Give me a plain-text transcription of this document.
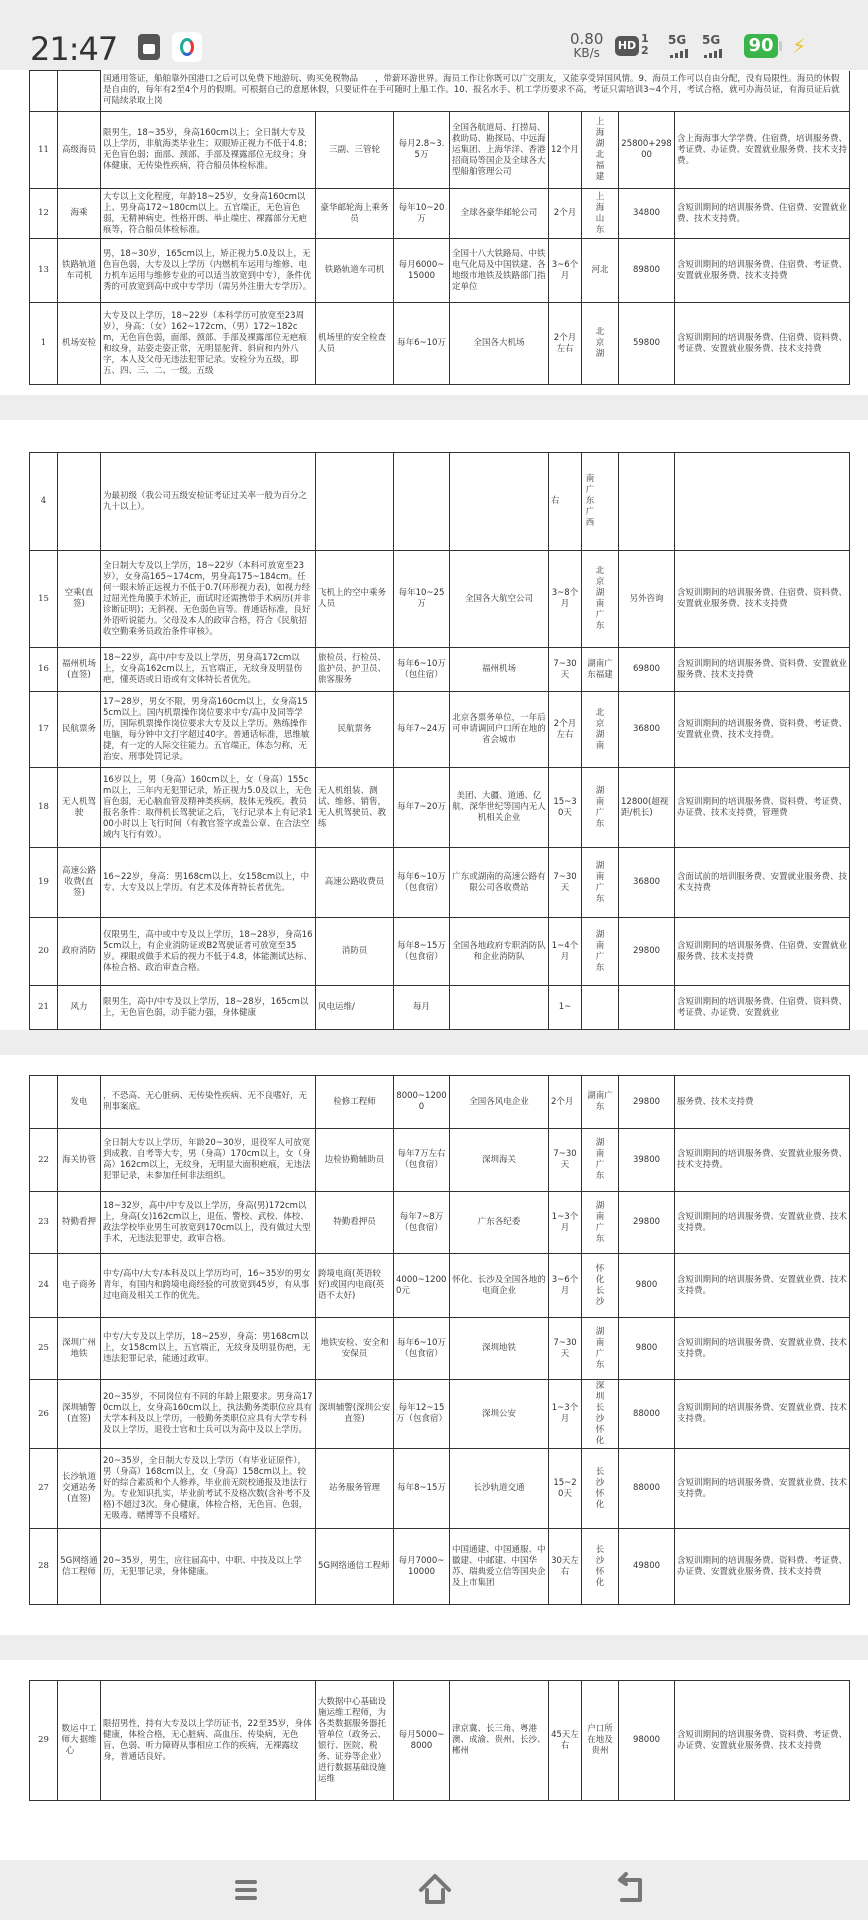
21:47	0.80
KB/s
HD
1
2
5G 5G 90 ⚡
		国通用签证，船舶靠外国港口之后可以免费下地游玩、购买免税物品　　，带薪环游世界。海员工作让你既可以广交朋友，又能享受异国风情。9、海员工作可以自由分配，没有局限性。海员的休假是自由的，每年有2至4个月的假期。可根据自己的意愿休假，只要证件在手可随时上船工作。10、报名水手、机工学历要求不高，考证只需培训3~4个月，考试合格，就可办海员证，有海员证后就可陆续录取上岗							
11	高级海员	限男生，18~35岁，身高160cm以上；全日制大专及以上学历，非航海类毕业生；双眼矫正视力不低于4.8；无色盲色弱；面部、颈部、手部及裸露部位无纹身；身体健康，无传染性疾病，符合船员体检标准。	三副、三管轮	每月2.8~3.5万	全国各航道局、打捞局、救助局、勘探局、中远海运集团、上海华洋、香港招商局等国企及全球各大型船舶管理公司	12个月	上海湖北福建	25800+29800	含上海海事大学学费、住宿费，培训服务费、考证费、办证费、安置就业服务费、技术支持费。
12	海乘	大专以上文化程度，年龄18~25岁，女身高160cm以上、男身高172~180cm以上。五官端正，无色盲色弱，无精神病史。性格开朗、举止端庄、裸露部分无疤痕等，符合船员体检标准。	豪华邮轮海上乘务员	每年10~20万	全球各豪华邮轮公司	2个月	上海山东	34800	含短训期间的培训服务费、住宿费、安置就业费、技术支持费。
13	铁路轨道车司机	男，18~30岁，165cm以上，矫正视力5.0及以上，无色盲色弱，大专及以上学历（内燃机车运用与维修、电力机车运用与维修专业的可以适当放宽到中专），条件优秀的可放宽到高中或中专学历（需另外注册大专学历）。	铁路轨道车司机	每月6000~15000	全国十八大铁路局、中铁电气化局及中国铁建、各地级市地铁及铁路部门指定单位	3~6个月	河北	89800	含短训期间的培训服务费、住宿费、考证费、安置就业服务费、技术支持费
1	机场安检	大专及以上学历，18~22岁（本科学历可放宽至23周岁），身高：（女）162~172cm、（男）172~182cm，无色盲色弱，面部、颈部、手部及裸露部位无疤痕和纹身，站姿走姿正常，无明显驼背、斜肩和内外八字，本人及父母无违法犯罪记录。安检分为五级，即五、四、三、二、一级。五级	机场里的安全检查人员	每年6~10万	全国各大机场	2个月左右	北京湖	59800	含短训期间的培训服务费、住宿费、资料费、考证费、安置就业服务费、技术支持费
4		为最初级（我公司五级安检证考证过关率一般为百分之九十以上）。				右	南广东广西		
15	空乘(直签)	全日制大专及以上学历，18~22岁（本科可放宽至23岁），女身高165~174cm，男身高175~184cm。任何一眼未矫正远视力不低于0.7(环形视力表)，如视力经过屈光性角膜手术矫正，面试时还需携带手术病历(并非诊断证明)；无斜视、无色弱色盲等。普通话标准，良好外语听说能力。父母及本人的政审合格，符合《民航招收空勤乘务员政治条件审核》。	飞机上的空中乘务人员	每年10~25万	全国各大航空公司	3~8个月	北京湖南广东	另外咨询	含短训期间的培训服务费、住宿费、资料费、安置就业服务费、技术支持费
16	福州机场(直签)	18~22岁，高中/中专及以上学历，男身高172cm以上，女身高162cm以上，五官端正，无纹身及明显伤疤，懂英语或日语或有文体特长者优先。	旅检员、行检员、监护员、护卫员、旅客服务	每年6~10万（包住宿）	福州机场	7~30天	湖南广东福建	69800	含短训期间的培训服务费、资料费、安置就业服务费、技术支持费
17	民航票务	17~28岁，男女不限，男身高160cm以上，女身高155cm以上。国内机票操作岗位要求中专/高中及同等学历，国际机票操作岗位要求大专及以上学历。熟练操作电脑，每分钟中文打字超过40字。普通话标准，思维敏捷，有一定的人际交往能力。五官端正，体态匀称，无治安、刑事处罚记录。	民航票务	每年7~24万	北京各票务单位，一年后可申请调回户口所在地的省会城市	2个月左右	北京湖南	36800	含短训期间的培训服务费、资料费、考证费、安置就业费、技术支持费。
18	无人机驾驶	16岁以上，男（身高）160cm以上，女（身高）155cm以上，三年内无犯罪记录，矫正视力5.0及以上，无色盲色弱，无心脑血管及精神类疾病，肢体无残疾。教员报名条件：取得机长驾驶证之后，飞行记录本上有记录100小时以上飞行时间（有教官签字或盖公章、在合法空域内飞行有效）。	无人机组装、测试、维修、销售，无人机驾驶员、教练	每年7~20万	美团、大疆、道通、亿航、深华世纪等国内无人机相关企业	15~30天	湖南广东	12800(超视距/机长)	含短训期间的培训服务费、资料费、考证费、办证费、技术支持费，管理费
19	高速公路收费(直签)	16~22岁，身高：男168cm以上、女158cm以上，中专、大专及以上学历。有艺术及体育特长者优先。	高速公路收费员	每年6~10万（包食宿）	广东或湖南的高速公路有限公司各收费站	7~30天	湖南广东	36800	含面试前的培训服务费、安置就业服务费、技术支持费
20	政府消防	仅限男生，高中或中专及以上学历，18~28岁，身高165cm以上，有企业消防证或B2驾驶证者可放宽至35岁。裸眼或做手术后的视力不低于4.8，体能测试达标、体检合格、政治审查合格。	消防员	每年8~15万（包食宿）	全国各地政府专职消防队和企业消防队	1~4个月	湖南广东	29800	含短训期间的培训服务费、住宿费、安置就业服务费、技术支持费
21	风力	限男生，高中/中专及以上学历，18~28岁，165cm以上，无色盲色弱，动手能力强，身体健康	风电运维/	每月		1~			含短训期间的培训服务费、住宿费、资料费、考证费、办证费、安置就业
	发电	，不恐高、无心脏病、无传染性疾病、无不良嗜好，无刑事案底。	检修工程师	8000~12000	全国各风电企业	2个月	湖南广东	29800	服务费、技术支持费
22	海关协管	全日制大专以上学历，年龄20~30岁，退役军人可放宽到成教、自考等大专，男（身高）170cm以上，女（身高）162cm以上，无纹身，无明显大面积疤痕，无违法犯罪记录，未参加任何非法组织。	边检协勤辅助员	每年7万左右（包食宿）	深圳海关	7~30天	湖南广东	39800	含短训期间的培训服务费、安置就业服务费、技术支持费。
23	特勤看押	18~32岁，高中/中专及以上学历，身高(男)172cm以上，身高(女)162cm以上，退伍、警校、武校、体校、政法学校毕业男生可放宽到170cm以上，没有做过大型手术，无违法犯罪史，政审合格。	特勤看押员	每年7~8万（包食宿）	广东各纪委	1~3个月	湖南广东	29800	含短训期间的培训服务费、安置就业费、技术支持费。
24	电子商务	中专/高中/大专/本科及以上学历均可，16~35岁的男女青年，有国内和跨境电商经验的可放宽到45岁，有从事过电商及相关工作的优先。	跨境电商(英语较好)或国内电商(英语不太好)	4000~12000元	怀化、长沙及全国各地的电商企业	3~6个月	怀化长沙	9800	含短训期间的培训服务费、安置就业费、技术支持费。
25	深圳广州地铁	中专/大专及以上学历，18~25岁，身高：男168cm以上，女158cm以上，五官端正，无纹身及明显伤疤，无违法犯罪记录，能通过政审。	地铁安检、安全和安保员	每年6~10万（包食宿）	深圳地铁	7~30天	湖南广东	9800	含短训期间的培训服务费、安置就业费、技术支持费。
26	深圳辅警(直签)	20~35岁，不同岗位有不同的年龄上限要求。男身高170cm以上，女身高160cm以上，执法勤务类职位应具有大学本科及以上学历，一般勤务类职位应具有大学专科及以上学历，退役士官和士兵可以为高中及以上学历。	深圳辅警(深圳公安直签)	每年12~15万（包食宿）	深圳公安	1~3个月	深圳长沙怀化	88000	含短训期间的培训服务费、安置就业费、技术支持费。
27	长沙轨道交通站务(直签)	20~35岁，全日制大专及以上学历（有毕业证原件），男（身高）168cm以上，女（身高）158cm以上。较好的综合素质和个人修养，毕业前无院校通报及违法行为。专业知识扎实，毕业前考试不及格次数(含补考不及格)不超过3次。身心健康，体检合格，无色盲、色弱，无吸毒、赌博等不良嗜好。	站务服务管理	每年8~15万	长沙轨道交通	15~20天	长沙怀化	88000	含短训期间的培训服务费、安置就业费、技术支持费。
28	5G网络通信工程师	20~35岁，男生，应往届高中、中职、中技及以上学历，无犯罪记录，身体健康。	5G网络通信工程师	每月7000~10000	中国通建、中国通服、中徽建、中邮建、中国华苏、瑞典爱立信等国央企及上市集团	30天左右	长沙怀化	49800	含短训期间的培训服务费、资料费、考证费、办证费、安置就业服务费、技术支持费
29	数运师大心中工据维	限招男性，持有大专及以上学历证书，22至35岁，身体健康，体检合格，无心脏病、高血压、传染病，无色盲、色弱、听力障碍从事相应工作的疾病，无裸露纹身，普通话良好。	大数据中心基础设施运维工程师，为各类数据服务器托管单位（政务云、银行、医院、税务、证券等企业）进行数据基础设施运维	每月5000~8000	津京冀、长三角、粤港澳、成渝、贵州、长沙、郴州	45天左右	户口所在地及贵州	98000	含短训期间的培训服务费、资料费、考证费、办证费、安置就业服务费、技术支持费
